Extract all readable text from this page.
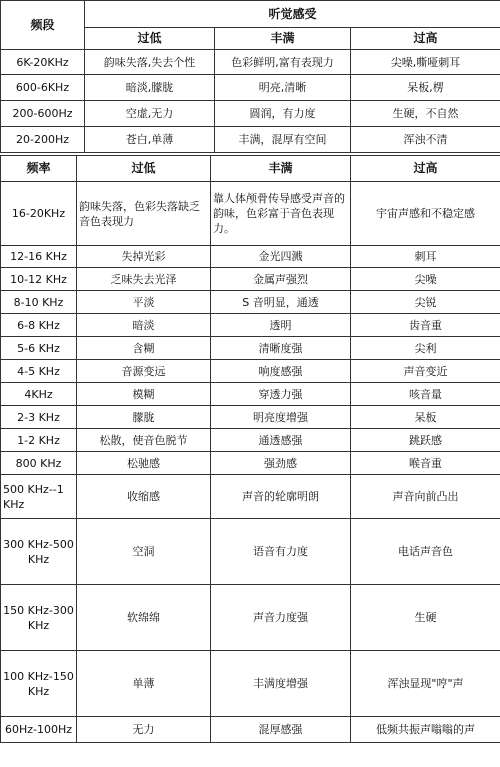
频段	听觉感受		
	过低	丰满	过高
6K-20KHz	韵味失落,失去个性	色彩鲜明,富有表现力	尖噪,嘶哑刺耳
600-6KHz	暗淡,朦胧	明亮,清晰	呆板,楞
200-600Hz	空虚,无力	圆润，有力度	生硬，不自然
20-200Hz	苍白,单薄	丰满，混厚有空间	浑浊不清
频率	过低	丰满	过高
16-20KHz	韵味失落，色彩失落缺乏音色表现力	靠人体颅骨传导感受声音的韵味，色彩富于音色表现力。	宇宙声感和不稳定感
12-16 KHz	失掉光彩	金光四溅	刺耳
10-12 KHz	乏味失去光泽	金属声强烈	尖噪
8-10 KHz	平淡	S 音明显，通透	尖锐
6-8 KHz	暗淡	透明	齿音重
5-6 KHz	含糊	清晰度强	尖利
4-5 KHz	音源变远	响度感强	声音变近
4KHz	模糊	穿透力强	咳音量
2-3 KHz	朦胧	明亮度增强	呆板
1-2 KHz	松散，使音色脱节	通透感强	跳跃感
800 KHz	松驰感	强劲感	喉音重
500 KHz--1 KHz	收缩感	声音的轮廓明朗	声音向前凸出
300 KHz-500 KHz	空洞	语音有力度	电话声音色
150 KHz-300 KHz	软绵绵	声音力度强	生硬
100 KHz-150 KHz	单薄	丰满度增强	浑浊显现"哼"声
60Hz-100Hz	无力	混厚感强	低频共振声嗡嗡的声
